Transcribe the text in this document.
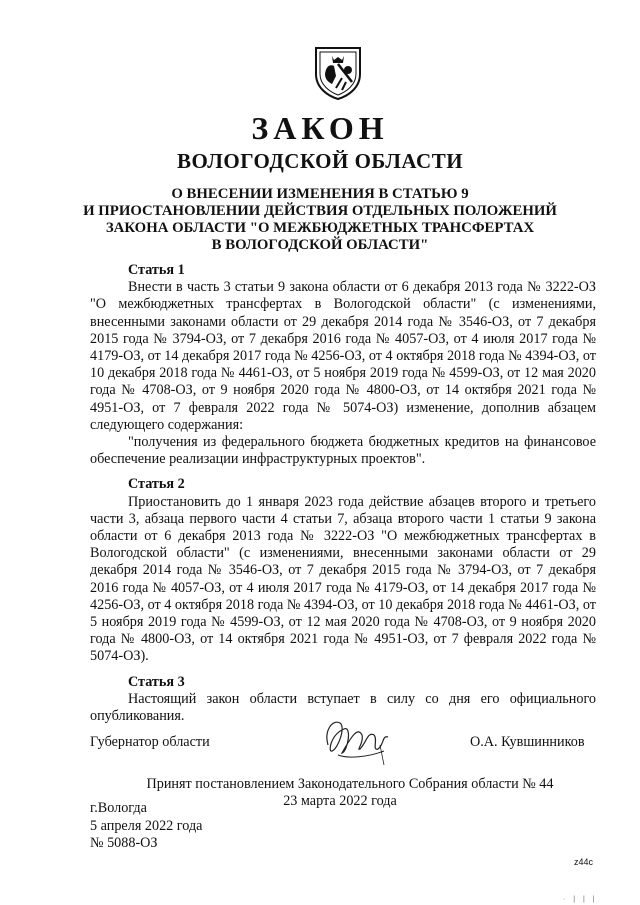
ЗАКОН
ВОЛОГОДСКОЙ ОБЛАСТИ
О ВНЕСЕНИИ ИЗМЕНЕНИЯ В СТАТЬЮ 9
И ПРИОСТАНОВЛЕНИИ ДЕЙСТВИЯ ОТДЕЛЬНЫХ ПОЛОЖЕНИЙ
ЗАКОНА ОБЛАСТИ "О МЕЖБЮДЖЕТНЫХ ТРАНСФЕРТАХ
В ВОЛОГОДСКОЙ ОБЛАСТИ"
Статья 1

Внести в часть 3 статьи 9 закона области от 6 декабря 2013 года № 3222-ОЗ "О межбюджетных трансфертах в Вологодской области" (с изменениями, внесенными законами области от 29 декабря 2014 года № 3546-ОЗ, от 7 декабря 2015 года № 3794-ОЗ, от 7 декабря 2016 года № 4057-ОЗ, от 4 июля 2017 года № 4179-ОЗ, от 14 декабря 2017 года № 4256-ОЗ, от 4 октября 2018 года № 4394-ОЗ, от 10 декабря 2018 года № 4461-ОЗ, от 5 ноября 2019 года № 4599-ОЗ, от 12 мая 2020 года № 4708-ОЗ, от 9 ноября 2020 года № 4800-ОЗ, от 14 октября 2021 года № 4951-ОЗ, от 7 февраля 2022 года № 5074-ОЗ) изменение, дополнив абзацем следующего содержания:

"получения из федерального бюджета бюджетных кредитов на финансовое обеспечение реализации инфраструктурных проектов".

Статья 2

Приостановить до 1 января 2023 года действие абзацев второго и третьего части 3, абзаца первого части 4 статьи 7, абзаца второго части 1 статьи 9 закона области от 6 декабря 2013 года № 3222-ОЗ "О межбюджетных трансфертах в Вологодской области" (с изменениями, внесенными законами области от 29 декабря 2014 года № 3546-ОЗ, от 7 декабря 2015 года № 3794-ОЗ, от 7 декабря 2016 года № 4057-ОЗ, от 4 июля 2017 года № 4179-ОЗ, от 14 декабря 2017 года № 4256-ОЗ, от 4 октября 2018 года № 4394-ОЗ, от 10 декабря 2018 года № 4461-ОЗ, от 5 ноября 2019 года № 4599-ОЗ, от 12 мая 2020 года № 4708-ОЗ, от 9 ноября 2020 года № 4800-ОЗ, от 14 октября 2021 года № 4951-ОЗ, от 7 февраля 2022 года № 5074-ОЗ).

Статья 3

Настоящий закон области вступает в силу со дня его официального опубликования.

Губернатор области	О.А. Кувшинников
Принят постановлением Законодательного Собрания области № 44
23 марта 2022 года
г.Вологда
5 апреля 2022 года
№ 5088-ОЗ
z44c
· | | |
